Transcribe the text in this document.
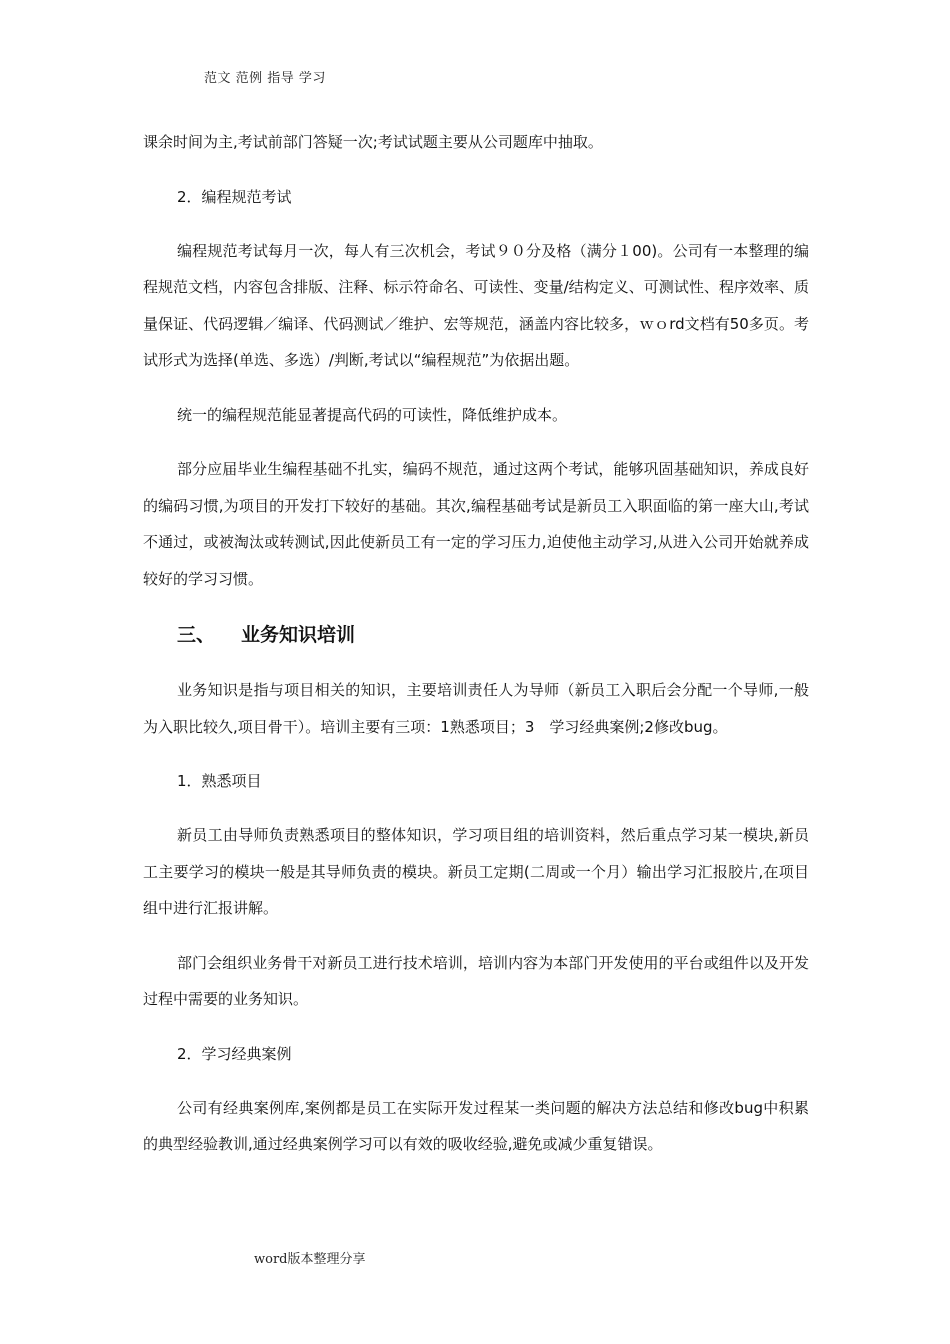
范文 范例 指导 学习

课余时间为主,考试前部门答疑一次;考试试题主要从公司题库中抽取。

2．编程规范考试

编程规范考试每月一次，每人有三次机会，考试９０分及格（满分１00)。公司有一本整理的编程规范文档，内容包含排版、注释、标示符命名、可读性、变量/结构定义、可测试性、程序效率、质量保证、代码逻辑／编译、代码测试／维护、宏等规范，涵盖内容比较多，ｗｏrd文档有50多页。考试形式为选择(单选、多选）/判断,考试以“编程规范”为依据出题。

统一的编程规范能显著提高代码的可读性，降低维护成本。

部分应届毕业生编程基础不扎实，编码不规范，通过这两个考试，能够巩固基础知识，养成良好的编码习惯,为项目的开发打下较好的基础。其次,编程基础考试是新员工入职面临的第一座大山,考试不通过，或被淘汰或转测试,因此使新员工有一定的学习压力,迫使他主动学习,从进入公司开始就养成较好的学习习惯。

三、 业务知识培训

业务知识是指与项目相关的知识，主要培训责任人为导师（新员工入职后会分配一个导师,一般为入职比较久,项目骨干）。培训主要有三项：1熟悉项目；3　学习经典案例;2修改bug。

1．熟悉项目

新员工由导师负责熟悉项目的整体知识，学习项目组的培训资料，然后重点学习某一模块,新员工主要学习的模块一般是其导师负责的模块。新员工定期(二周或一个月）输出学习汇报胶片,在项目组中进行汇报讲解。

部门会组织业务骨干对新员工进行技术培训，培训内容为本部门开发使用的平台或组件以及开发过程中需要的业务知识。

2．学习经典案例

公司有经典案例库,案例都是员工在实际开发过程某一类问题的解决方法总结和修改bug中积累的典型经验教训,通过经典案例学习可以有效的吸收经验,避免或减少重复错误。

word版本整理分享
